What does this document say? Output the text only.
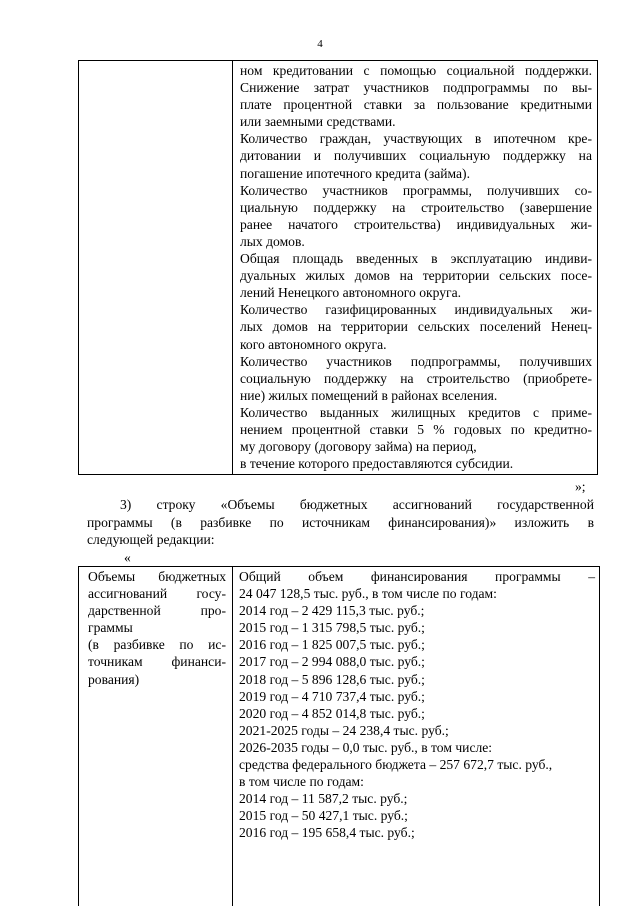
4
ном кредитовании с помощью социальной поддержки.
Снижение затрат участников подпрограммы по вы-
плате процентной ставки за пользование кредитными
или заемными средствами.
Количество граждан, участвующих в ипотечном кре-
дитовании и получивших социальную поддержку на
погашение ипотечного кредита (займа).
Количество участников программы, получивших со-
циальную поддержку на строительство (завершение
ранее начатого строительства) индивидуальных жи-
лых домов.
Общая площадь введенных в эксплуатацию индиви-
дуальных жилых домов на территории сельских посе-
лений Ненецкого автономного округа.
Количество газифицированных индивидуальных жи-
лых домов на территории сельских поселений Ненец-
кого автономного округа.
Количество участников подпрограммы, получивших
социальную поддержку на строительство (приобрете-
ние) жилых помещений в районах вселения.
Количество выданных жилищных кредитов с приме-
нением процентной ставки 5 % годовых по кредитно-
му договору (договору займа) на период,
в течение которого предоставляются субсидии.
»;
3) строку «Объемы бюджетных ассигнований государственной
программы (в разбивке по источникам финансирования)» изложить в
следующей редакции:
«
Объемы бюджетных
ассигнований госу-
дарственной про-
граммы
(в разбивке по ис-
точникам финанси-
рования)
Общий объем финансирования программы –
24 047 128,5 тыс. руб., в том числе по годам:
2014 год – 2 429 115,3 тыс. руб.;
2015 год – 1 315 798,5 тыс. руб.;
2016 год – 1 825 007,5 тыс. руб.;
2017 год – 2 994 088,0 тыс. руб.;
2018 год – 5 896 128,6 тыс. руб.;
2019 год – 4 710 737,4 тыс. руб.;
2020 год – 4 852 014,8 тыс. руб.;
2021-2025 годы – 24 238,4 тыс. руб.;
2026-2035 годы – 0,0 тыс. руб., в том числе:
средства федерального бюджета – 257 672,7 тыс. руб.,
в том числе по годам:
2014 год – 11 587,2 тыс. руб.;
2015 год – 50 427,1 тыс. руб.;
2016 год – 195 658,4 тыс. руб.;
